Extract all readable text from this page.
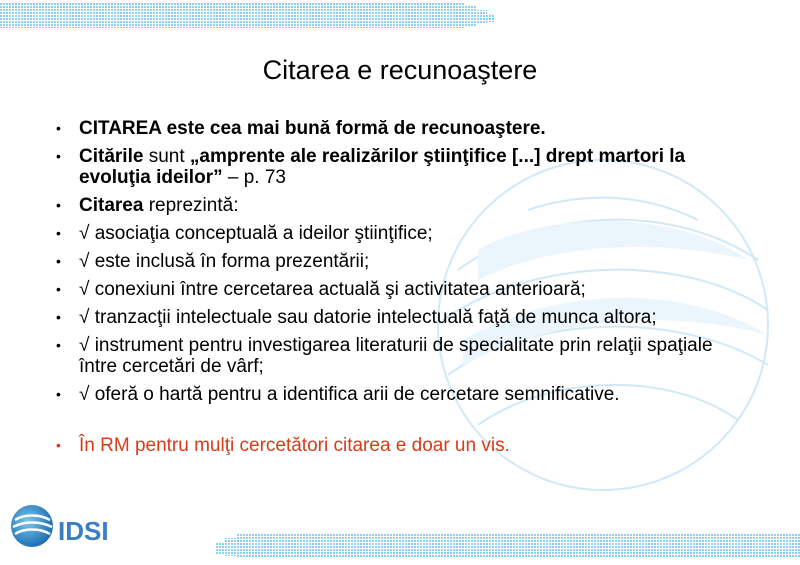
Citarea e recunoaştere
• CITAREA este cea mai bună formă de recunoaştere.
• Citările sunt „amprente ale realizărilor ştiinţifice [...] drept martori la evoluţia ideilor” – p. 73
• Citarea reprezintă:
• √ asociaţia conceptuală a ideilor ştiinţifice;
• √ este inclusă în forma prezentării;
• √ conexiuni între cercetarea actuală şi activitatea anterioară;
• √ tranzacţii intelectuale sau datorie intelectuală faţă de munca altora;
• √ instrument pentru investigarea literaturii de specialitate prin relaţii spaţiale între cercetări de vârf;
• √ oferă o hartă pentru a identifica arii de cercetare semnificative.
• În RM pentru mulţi cercetători citarea e doar un vis.
IDSI
